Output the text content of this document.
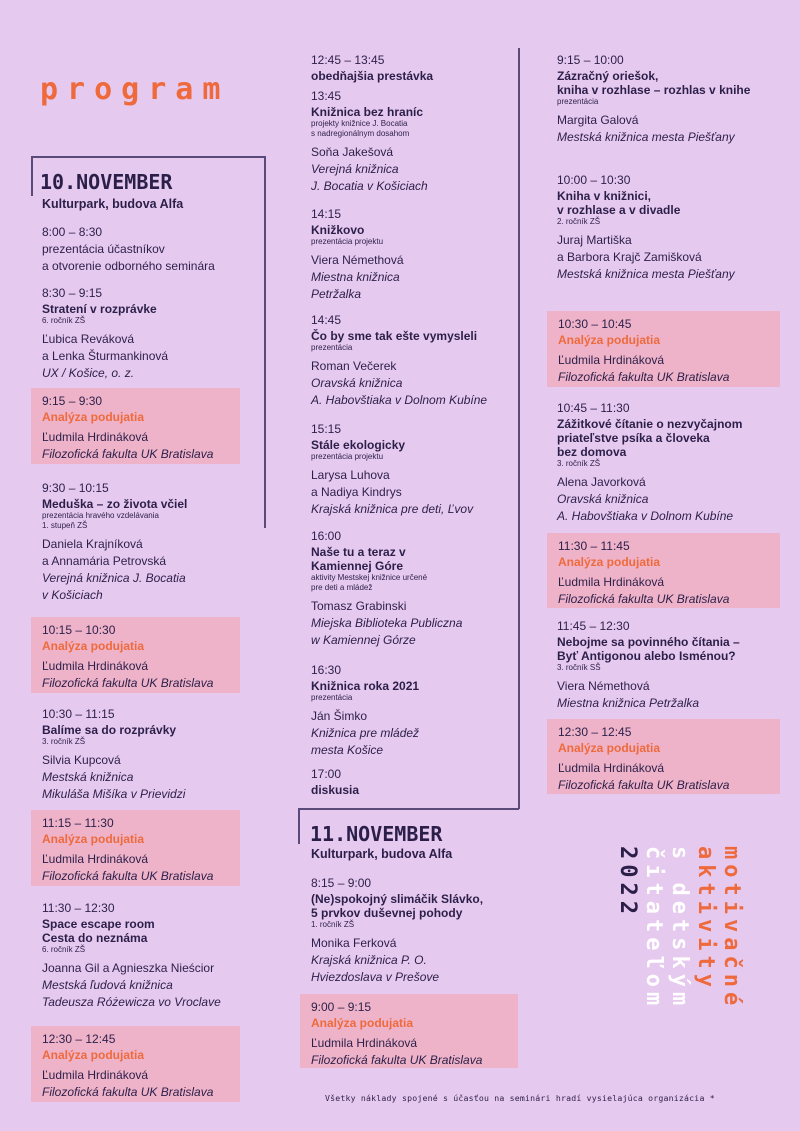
program
10.NOVEMBER
Kulturpark, budova Alfa
8:00 – 8:30
prezentácia účastníkov
a otvorenie odborného seminára
8:30 – 9:15
Stratení v rozprávke
6. ročník ZŠ
Ľubica Reváková
a Lenka Šturmankinová
UX / Košice, o. z.
9:15 – 9:30
Analýza podujatia
Ľudmila Hrdináková
Filozofická fakulta UK Bratislava
9:30 – 10:15
Meduška – zo života včiel
prezentácia hravého vzdelávania
1. stupeň ZŠ
Daniela Krajníková
a Annamária Petrovská
Verejná knižnica J. Bocatia
v Košiciach
10:15 – 10:30
Analýza podujatia
Ľudmila Hrdináková
Filozofická fakulta UK Bratislava
10:30 – 11:15
Balíme sa do rozprávky
3. ročník ZŠ
Silvia Kupcová
Mestská knižnica
Mikuláša Mišíka v Prievidzi
11:15 – 11:30
Analýza podujatia
Ľudmila Hrdináková
Filozofická fakulta UK Bratislava
11:30 – 12:30
Space escape room
Cesta do neznáma
6. ročník ZŠ
Joanna Gil a Agnieszka Nieścior
Mestská ľudová knižnica
Tadeusza Różewicza vo Vroclave
12:30 – 12:45
Analýza podujatia
Ľudmila Hrdináková
Filozofická fakulta UK Bratislava
12:45 – 13:45
obedňajšia prestávka
13:45
Knižnica bez hraníc
projekty knižnice J. Bocatia
s nadregionálnym dosahom
Soňa Jakešová
Verejná knižnica
J. Bocatia v Košiciach
14:15
Knižkovo
prezentácia projektu
Viera Némethová
Miestna knižnica
Petržalka
14:45
Čo by sme tak ešte vymysleli
prezentácia
Roman Večerek
Oravská knižnica
A. Habovštiaka v Dolnom Kubíne
15:15
Stále ekologicky
prezentácia projektu
Larysa Luhova
a Nadiya Kindrys
Krajská knižnica pre deti, Ľvov
16:00
Naše tu a teraz v
Kamiennej Góre
aktivity Mestskej knižnice určené
pre deti a mládež
Tomasz Grabinski
Miejska Biblioteka Publiczna
w Kamiennej Górze
16:30
Knižnica roka 2021
prezentácia
Ján Šimko
Knižnica pre mládež
mesta Košice
17:00
diskusia
11.NOVEMBER
Kulturpark, budova Alfa
8:15 – 9:00
(Ne)spokojný slimáčik Slávko,
5 prvkov duševnej pohody
1. ročník ZŠ
Monika Ferková
Krajská knižnica P. O.
Hviezdoslava v Prešove
9:00 – 9:15
Analýza podujatia
Ľudmila Hrdináková
Filozofická fakulta UK Bratislava
9:15 – 10:00
Zázračný oriešok,
kniha v rozhlase – rozhlas v knihe
prezentácia
Margita Galová
Mestská knižnica mesta Piešťany
10:00 – 10:30
Kniha v knižnici,
v rozhlase a v divadle
2. ročník ZŠ
Juraj Martiška
a Barbora Krajč Zamišková
Mestská knižnica mesta Piešťany
10:30 – 10:45
Analýza podujatia
Ľudmila Hrdináková
Filozofická fakulta UK Bratislava
10:45 – 11:30
Zážitkové čítanie o nezvyčajnom
priateľstve psíka a človeka
bez domova
3. ročník ZŠ
Alena Javorková
Oravská knižnica
A. Habovštiaka v Dolnom Kubíne
11:30 – 11:45
Analýza podujatia
Ľudmila Hrdináková
Filozofická fakulta UK Bratislava
11:45 – 12:30
Nebojme sa povinného čítania –
Byť Antigonou alebo Isménou?
3. ročník SŠ
Viera Némethová
Miestna knižnica Petržalka
12:30 – 12:45
Analýza podujatia
Ľudmila Hrdináková
Filozofická fakulta UK Bratislava
motivačné
aktivity
s detským
čitateľom
2022
Všetky náklady spojené s účasťou na seminári hradí vysielajúca organizácia *
